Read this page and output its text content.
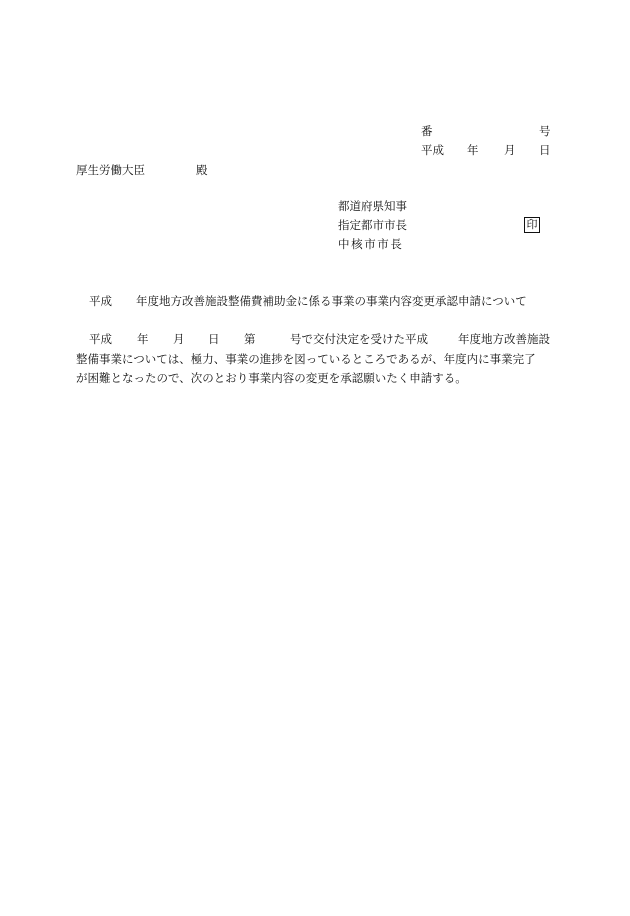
番	号
平成 年 月 日
厚生労働大臣	殿
都道府県知事
指定都市市長
中核市市長
印
平成 年度地方改善施設整備費補助金に係る事業の事業内容変更承認申請について
平成 年 月 日 第	号で交付決定を受けた平成	年度地方改善施設
整備事業については、極力、事業の進捗を図っているところであるが、年度内に事業完了
が困難となったので、次のとおり事業内容の変更を承認願いたく申請する。
